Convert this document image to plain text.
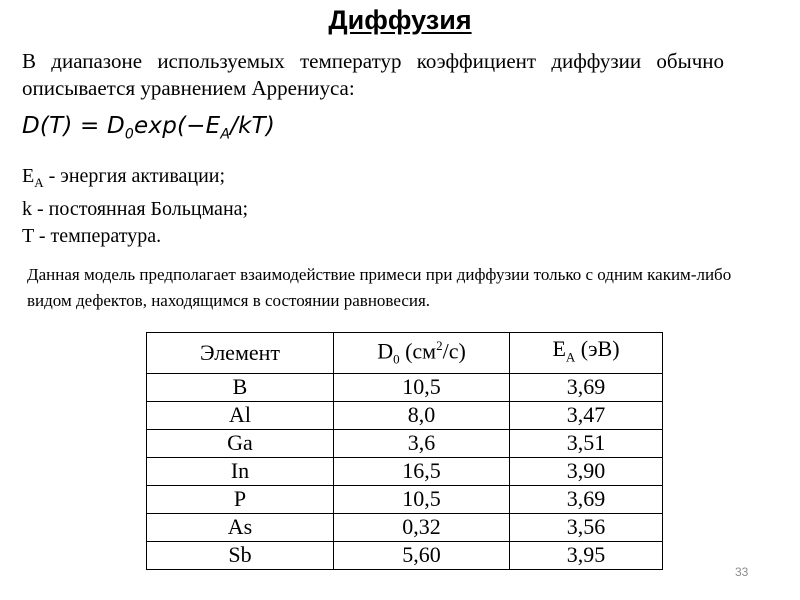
Диффузия
В диапазоне используемых температур коэффициент диффузии обычно описывается уравнением Аррениуса:
$D(T) = D_0\exp(-E_A/kT)$
$E_A$ - энергия активации;
k - постоянная Больцмана;
T - температура.
Данная модель предполагает взаимодействие примеси при диффузии только с одним каким-либо видом дефектов, находящимся в состоянии равновесия.
Элемент	$D_0$ $(см^2/с)$	$E_A$ (эВ)
B	10,5	3,69
Al	8,0	3,47
Ga	3,6	3,51
In	16,5	3,90
P	10,5	3,69
As	0,32	3,56
Sb	5,60	3,95
33
